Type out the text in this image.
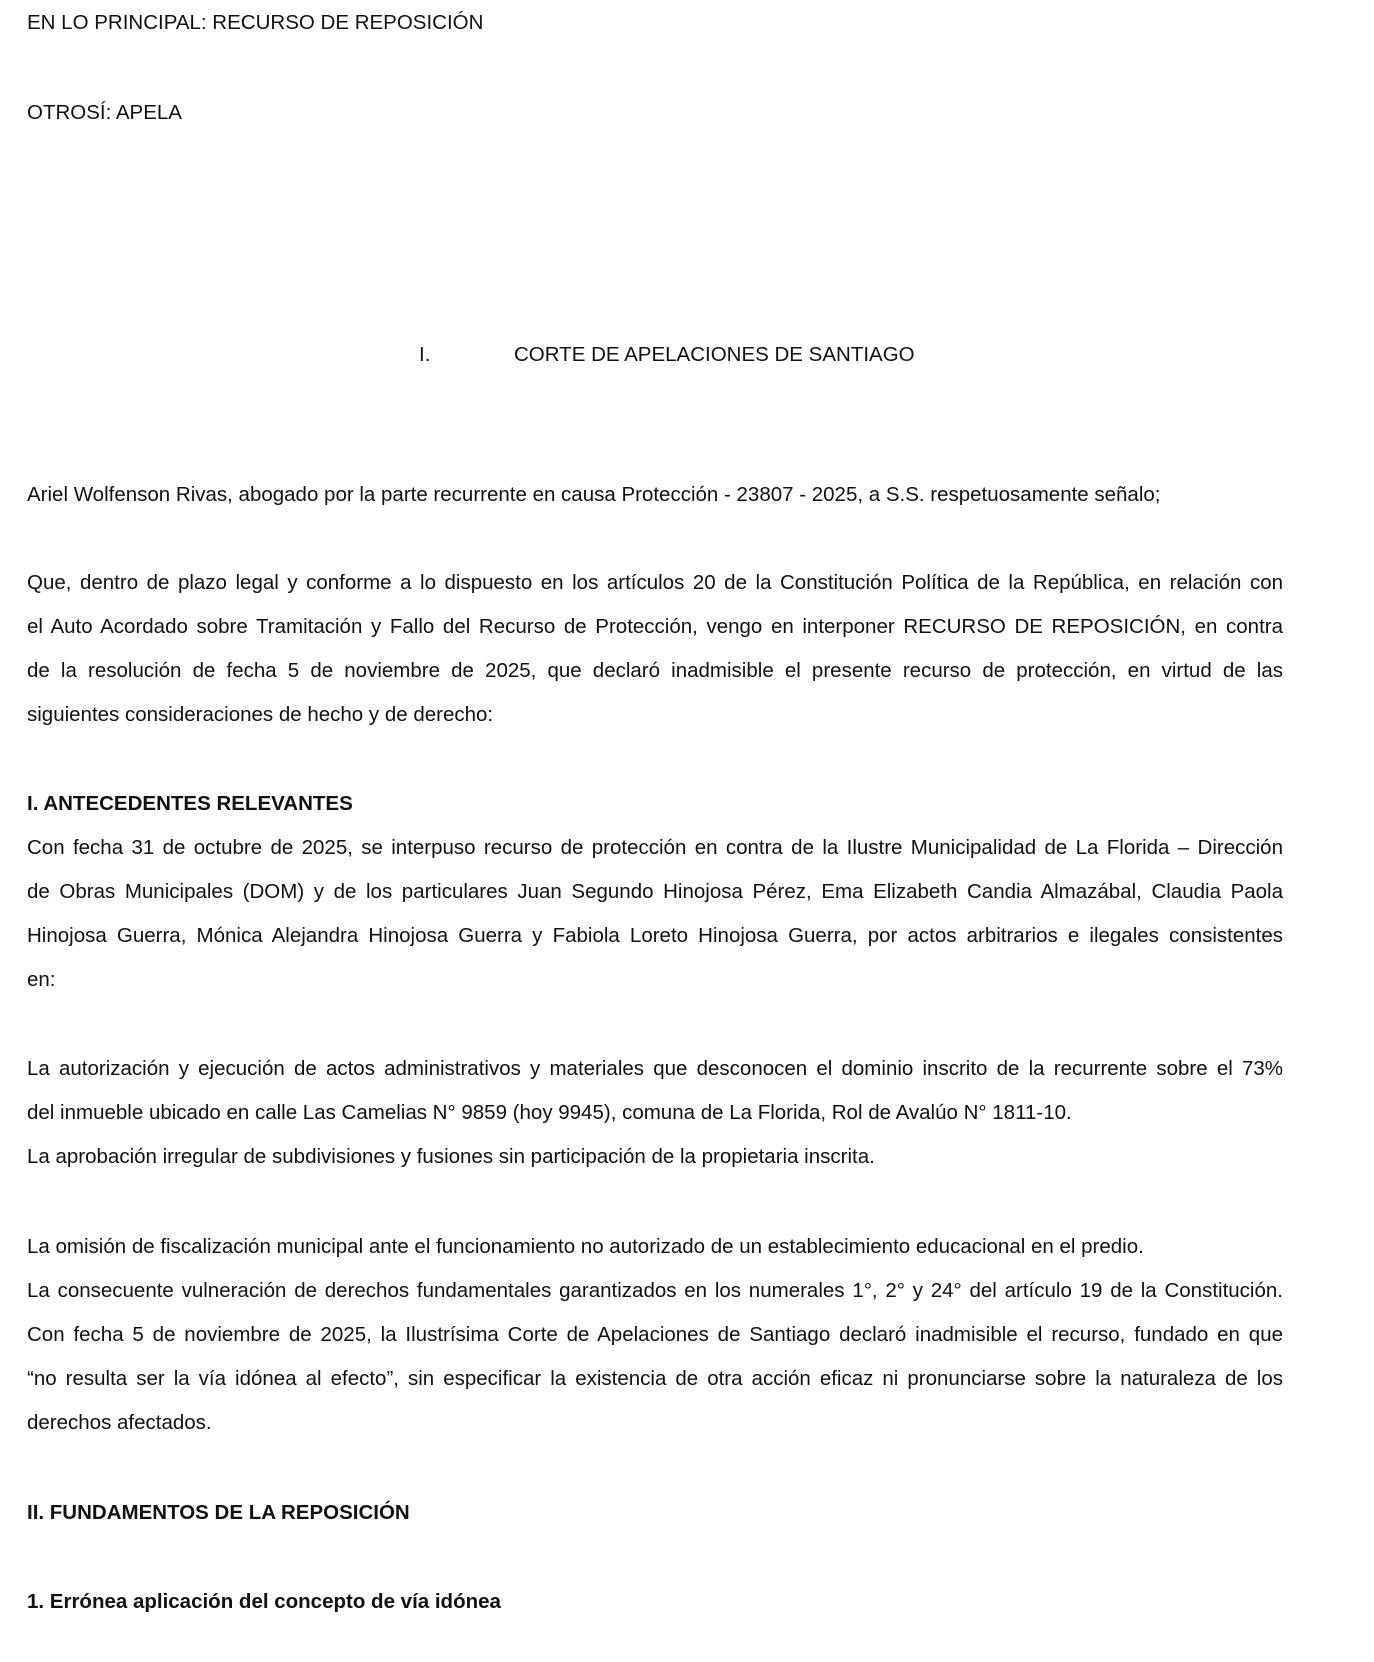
EN LO PRINCIPAL: RECURSO DE REPOSICIÓN
OTROSÍ: APELA
I.	CORTE DE APELACIONES DE SANTIAGO
Ariel Wolfenson Rivas, abogado por la parte recurrente en causa Protección - 23807 - 2025, a S.S. respetuosamente señalo;
Que, dentro de plazo legal y conforme a lo dispuesto en los artículos 20 de la Constitución Política de la República, en relación con
el Auto Acordado sobre Tramitación y Fallo del Recurso de Protección, vengo en interponer RECURSO DE REPOSICIÓN, en contra
de la resolución de fecha 5 de noviembre de 2025, que declaró inadmisible el presente recurso de protección, en virtud de las
siguientes consideraciones de hecho y de derecho:
I. ANTECEDENTES RELEVANTES
Con fecha 31 de octubre de 2025, se interpuso recurso de protección en contra de la Ilustre Municipalidad de La Florida – Dirección
de Obras Municipales (DOM) y de los particulares Juan Segundo Hinojosa Pérez, Ema Elizabeth Candia Almazábal, Claudia Paola
Hinojosa Guerra, Mónica Alejandra Hinojosa Guerra y Fabiola Loreto Hinojosa Guerra, por actos arbitrarios e ilegales consistentes
en:
La autorización y ejecución de actos administrativos y materiales que desconocen el dominio inscrito de la recurrente sobre el 73%
del inmueble ubicado en calle Las Camelias N° 9859 (hoy 9945), comuna de La Florida, Rol de Avalúo N° 1811-10.
La aprobación irregular de subdivisiones y fusiones sin participación de la propietaria inscrita.
La omisión de fiscalización municipal ante el funcionamiento no autorizado de un establecimiento educacional en el predio.
La consecuente vulneración de derechos fundamentales garantizados en los numerales 1°, 2° y 24° del artículo 19 de la Constitución.
Con fecha 5 de noviembre de 2025, la Ilustrísima Corte de Apelaciones de Santiago declaró inadmisible el recurso, fundado en que
“no resulta ser la vía idónea al efecto”, sin especificar la existencia de otra acción eficaz ni pronunciarse sobre la naturaleza de los
derechos afectados.
II. FUNDAMENTOS DE LA REPOSICIÓN
1. Errónea aplicación del concepto de vía idónea
